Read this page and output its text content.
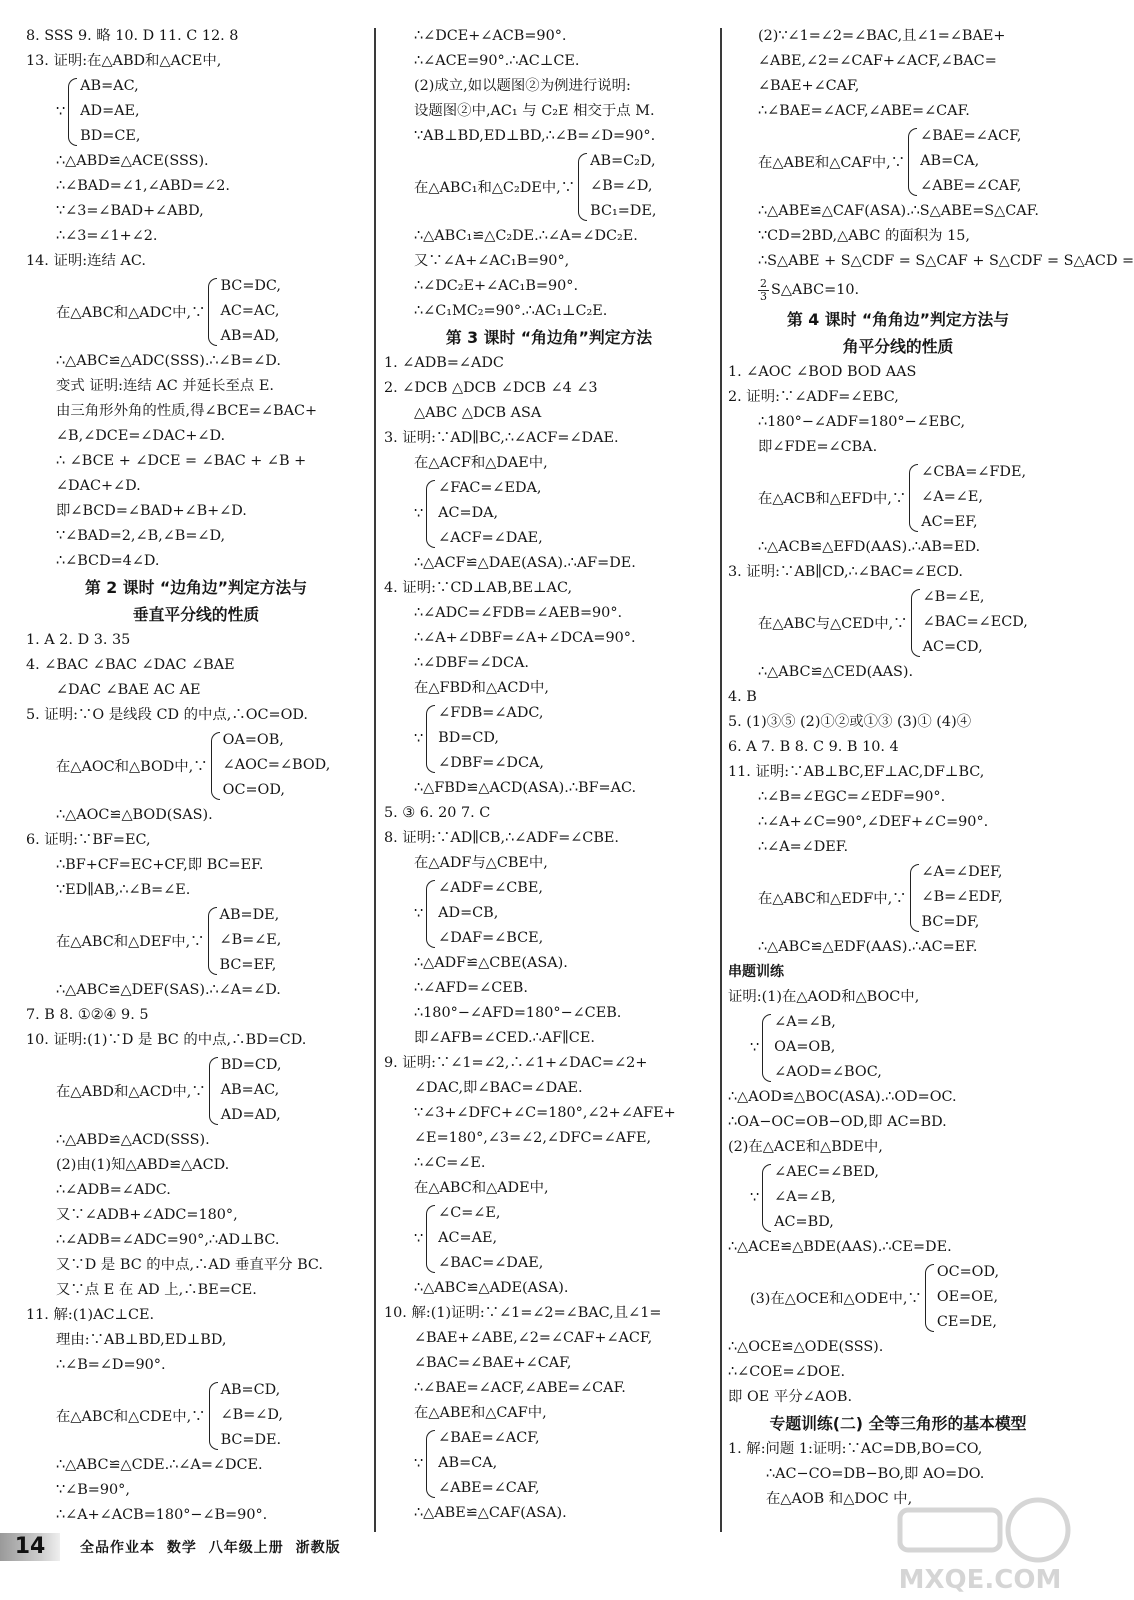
8. SSS 9. 略 10. D 11. C 12. 8
13. 证明:在△ABD和△ACE中,
∵
AB=AC,
AD=AE,
BD=CE,
∴△ABD≌△ACE(SSS).
∴∠BAD=∠1,∠ABD=∠2.
∵∠3=∠BAD+∠ABD,
∴∠3=∠1+∠2.
14. 证明:连结 AC.
在△ABC和△ADC中,∵
BC=DC,
AC=AC,
AB=AD,
∴△ABC≌△ADC(SSS).∴∠B=∠D.
变式 证明:连结 AC 并延长至点 E.
由三角形外角的性质,得∠BCE=∠BAC+
∠B,∠DCE=∠DAC+∠D.
∴ ∠BCE + ∠DCE = ∠BAC + ∠B +
∠DAC+∠D.
即∠BCD=∠BAD+∠B+∠D.
∵∠BAD=2,∠B,∠B=∠D,
∴∠BCD=4∠D.
第 2 课时 “边角边”判定方法与
垂直平分线的性质
1. A 2. D 3. 35
4. ∠BAC ∠BAC ∠DAC ∠BAE
∠DAC ∠BAE AC AE
5. 证明:∵O 是线段 CD 的中点,∴OC=OD.
在△AOC和△BOD中,∵
OA=OB,
∠AOC=∠BOD,
OC=OD,
∴△AOC≌△BOD(SAS).
6. 证明:∵BF=EC,
∴BF+CF=EC+CF,即 BC=EF.
∵ED∥AB,∴∠B=∠E.
在△ABC和△DEF中,∵
AB=DE,
∠B=∠E,
BC=EF,
∴△ABC≌△DEF(SAS).∴∠A=∠D.
7. B 8. ①②④ 9. 5
10. 证明:(1)∵D 是 BC 的中点,∴BD=CD.
在△ABD和△ACD中,∵
BD=CD,
AB=AC,
AD=AD,
∴△ABD≌△ACD(SSS).
(2)由(1)知△ABD≌△ACD.
∴∠ADB=∠ADC.
又∵∠ADB+∠ADC=180°,
∴∠ADB=∠ADC=90°,∴AD⊥BC.
又∵D 是 BC 的中点,∴AD 垂直平分 BC.
又∵点 E 在 AD 上,∴BE=CE.
11. 解:(1)AC⊥CE.
理由:∵AB⊥BD,ED⊥BD,
∴∠B=∠D=90°.
在△ABC和△CDE中,∵
AB=CD,
∠B=∠D,
BC=DE.
∴△ABC≌△CDE.∴∠A=∠DCE.
∵∠B=90°,
∴∠A+∠ACB=180°−∠B=90°.
∴∠DCE+∠ACB=90°.
∴∠ACE=90°.∴AC⊥CE.
(2)成立,如以题图②为例进行说明:
设题图②中,AC₁ 与 C₂E 相交于点 M.
∵AB⊥BD,ED⊥BD,∴∠B=∠D=90°.
在△ABC₁和△C₂DE中,∵
AB=C₂D,
∠B=∠D,
BC₁=DE,
∴△ABC₁≌△C₂DE.∴∠A=∠DC₂E.
又∵∠A+∠AC₁B=90°,
∴∠DC₂E+∠AC₁B=90°.
∴∠C₁MC₂=90°.∴AC₁⊥C₂E.
第 3 课时 “角边角”判定方法
1. ∠ADB=∠ADC
2. ∠DCB △DCB ∠DCB ∠4 ∠3
△ABC △DCB ASA
3. 证明:∵AD∥BC,∴∠ACF=∠DAE.
在△ACF和△DAE中,
∵
∠FAC=∠EDA,
AC=DA,
∠ACF=∠DAE,
∴△ACF≌△DAE(ASA).∴AF=DE.
4. 证明:∵CD⊥AB,BE⊥AC,
∴∠ADC=∠FDB=∠AEB=90°.
∴∠A+∠DBF=∠A+∠DCA=90°.
∴∠DBF=∠DCA.
在△FBD和△ACD中,
∵
∠FDB=∠ADC,
BD=CD,
∠DBF=∠DCA,
∴△FBD≌△ACD(ASA).∴BF=AC.
5. ③ 6. 20 7. C
8. 证明:∵AD∥CB,∴∠ADF=∠CBE.
在△ADF与△CBE中,
∵
∠ADF=∠CBE,
AD=CB,
∠DAF=∠BCE,
∴△ADF≌△CBE(ASA).
∴∠AFD=∠CEB.
∴180°−∠AFD=180°−∠CEB.
即∠AFB=∠CED.∴AF∥CE.
9. 证明:∵∠1=∠2,∴∠1+∠DAC=∠2+
∠DAC,即∠BAC=∠DAE.
∵∠3+∠DFC+∠C=180°,∠2+∠AFE+
∠E=180°,∠3=∠2,∠DFC=∠AFE,
∴∠C=∠E.
在△ABC和△ADE中,
∵
∠C=∠E,
AC=AE,
∠BAC=∠DAE,
∴△ABC≌△ADE(ASA).
10. 解:(1)证明:∵∠1=∠2=∠BAC,且∠1=
∠BAE+∠ABE,∠2=∠CAF+∠ACF,
∠BAC=∠BAE+∠CAF,
∴∠BAE=∠ACF,∠ABE=∠CAF.
在△ABE和△CAF中,
∵
∠BAE=∠ACF,
AB=CA,
∠ABE=∠CAF,
∴△ABE≌△CAF(ASA).
(2)∵∠1=∠2=∠BAC,且∠1=∠BAE+
∠ABE,∠2=∠CAF+∠ACF,∠BAC=
∠BAE+∠CAF,
∴∠BAE=∠ACF,∠ABE=∠CAF.
在△ABE和△CAF中,∵
∠BAE=∠ACF,
AB=CA,
∠ABE=∠CAF,
∴△ABE≌△CAF(ASA).∴S△ABE=S△CAF.
∵CD=2BD,△ABC 的面积为 15,
∴S△ABE + S△CDF = S△CAF + S△CDF = S△ACD =
$\frac{2}{3}$ S△ABC=10.
第 4 课时 “角角边”判定方法与
角平分线的性质
1. ∠AOC ∠BOD BOD AAS
2. 证明:∵∠ADF=∠EBC,
∴180°−∠ADF=180°−∠EBC,
即∠FDE=∠CBA.
在△ACB和△EFD中,∵
∠CBA=∠FDE,
∠A=∠E,
AC=EF,
∴△ACB≌△EFD(AAS).∴AB=ED.
3. 证明:∵AB∥CD,∴∠BAC=∠ECD.
在△ABC与△CED中,∵
∠B=∠E,
∠BAC=∠ECD,
AC=CD,
∴△ABC≌△CED(AAS).
4. B
5. (1)③⑤ (2)①②或①③ (3)① (4)④
6. A 7. B 8. C 9. B 10. 4
11. 证明:∵AB⊥BC,EF⊥AC,DF⊥BC,
∴∠B=∠EGC=∠EDF=90°.
∴∠A+∠C=90°,∠DEF+∠C=90°.
∴∠A=∠DEF.
在△ABC和△EDF中,∵
∠A=∠DEF,
∠B=∠EDF,
BC=DF,
∴△ABC≌△EDF(AAS).∴AC=EF.
串题训练
证明:(1)在△AOD和△BOC中,
∵
∠A=∠B,
OA=OB,
∠AOD=∠BOC,
∴△AOD≌△BOC(ASA).∴OD=OC.
∴OA−OC=OB−OD,即 AC=BD.
(2)在△ACE和△BDE中,
∵
∠AEC=∠BED,
∠A=∠B,
AC=BD,
∴△ACE≌△BDE(AAS).∴CE=DE.
(3)在△OCE和△ODE中,∵
OC=OD,
OE=OE,
CE=DE,
∴△OCE≌△ODE(SSS).
∴∠COE=∠DOE.
即 OE 平分∠AOB.
专题训练(二) 全等三角形的基本模型
1. 解:问题 1:证明:∵AC=DB,BO=CO,
∴AC−CO=DB−BO,即 AO=DO.
在△AOB 和△DOC 中,
14	全品作业本 数学 八年级上册 浙教版
MXQE.COM
